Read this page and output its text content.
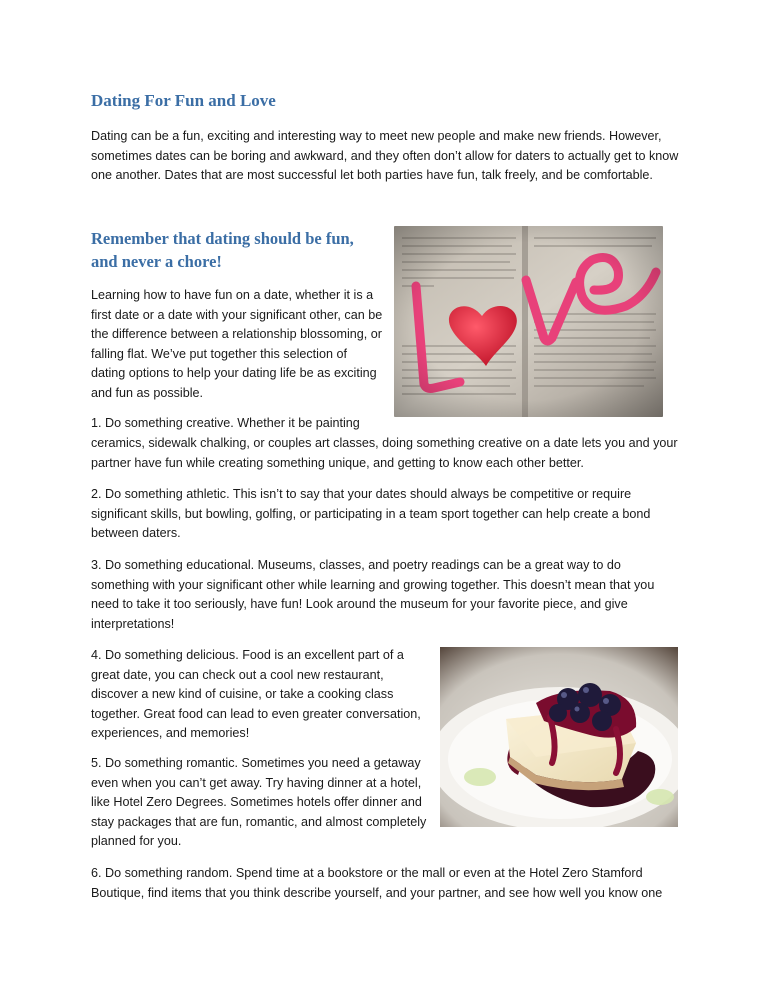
Dating For Fun and Love

Dating can be a fun, exciting and interesting way to meet new people and make new friends. However, sometimes dates can be boring and awkward, and they often don’t allow for daters to actually get to know one another. Dates that are most successful let both parties have fun, talk freely, and be comfortable.

Remember that dating should be fun,
and never a chore!

Learning how to have fun on a date, whether it is a first date or a date with your significant other, can be the difference between a relationship blossoming, or falling flat. We’ve put together this selection of dating options to help your dating life be as exciting and fun as possible.

1. Do something creative. Whether it be painting

ceramics, sidewalk chalking, or couples art classes, doing something creative on a date lets you and your partner have fun while creating something unique, and getting to know each other better.

2. Do something athletic. This isn’t to say that your dates should always be competitive or require significant skills, but bowling, golfing, or participating in a team sport together can help create a bond between daters.

3. Do something educational. Museums, classes, and poetry readings can be a great way to do something with your significant other while learning and growing together. This doesn’t mean that you need to take it too seriously, have fun! Look around the museum for your favorite piece, and give interpretations!

4. Do something delicious. Food is an excellent part of a great date, you can check out a cool new restaurant, discover a new kind of cuisine, or take a cooking class together. Great food can lead to even greater conversation, experiences, and memories!

5. Do something romantic. Sometimes you need a getaway even when you can’t get away. Try having dinner at a hotel, like Hotel Zero Degrees. Sometimes hotels offer dinner and stay packages that are fun, romantic, and almost completely planned for you.

6. Do something random. Spend time at a bookstore or the mall or even at the Hotel Zero Stamford Boutique, find items that you think describe yourself, and your partner, and see how well you know one
